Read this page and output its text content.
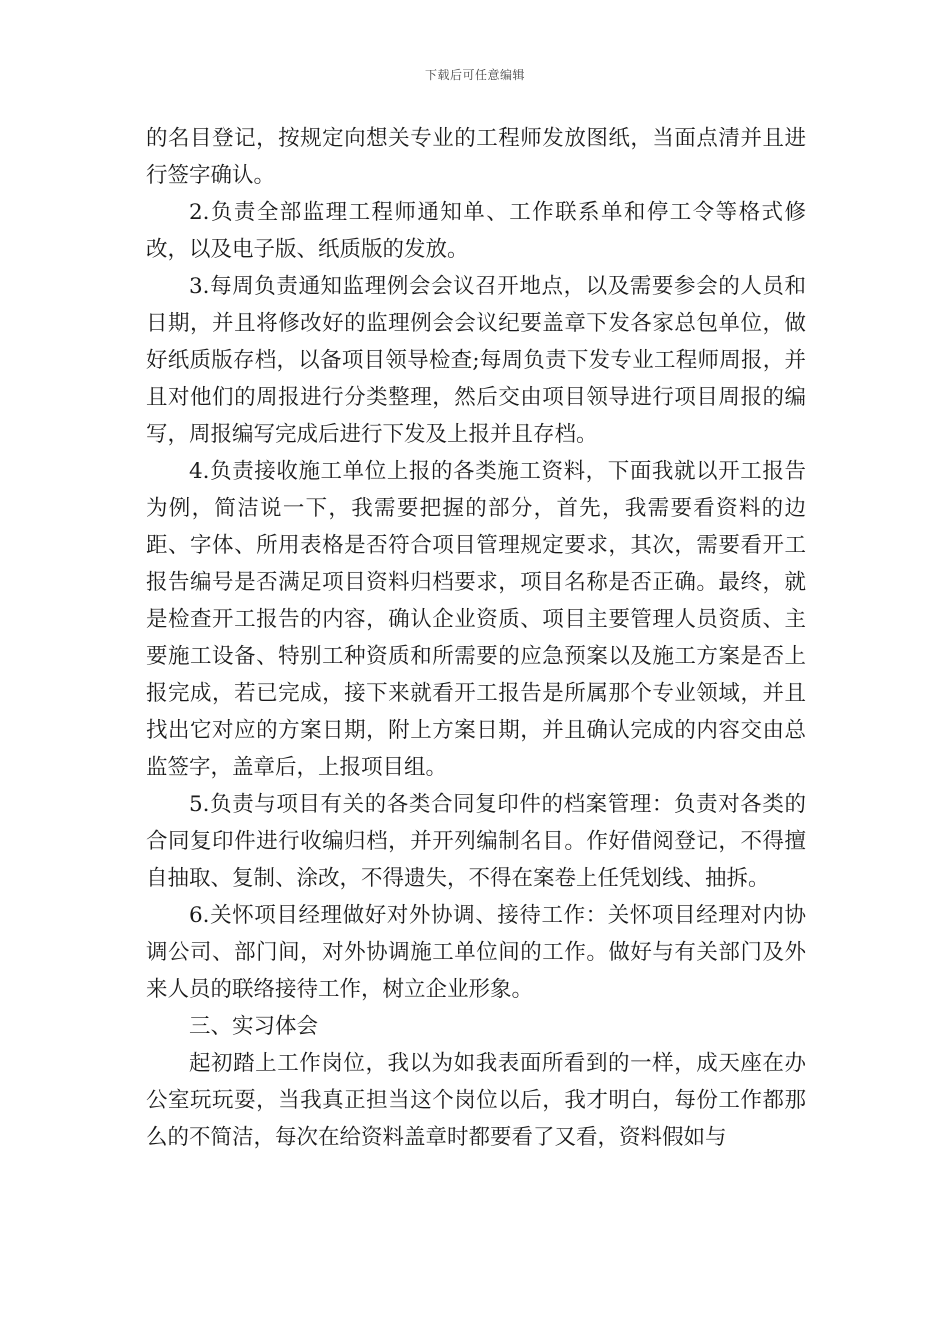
下载后可任意编辑

的名目登记，按规定向想关专业的工程师发放图纸，当面点清并且进行签字确认。

2.负责全部监理工程师通知单、工作联系单和停工令等格式修改，以及电子版、纸质版的发放。

3.每周负责通知监理例会会议召开地点，以及需要参会的人员和日期，并且将修改好的监理例会会议纪要盖章下发各家总包单位，做好纸质版存档，以备项目领导检查;每周负责下发专业工程师周报，并且对他们的周报进行分类整理，然后交由项目领导进行项目周报的编写，周报编写完成后进行下发及上报并且存档。

4.负责接收施工单位上报的各类施工资料，下面我就以开工报告为例，简洁说一下，我需要把握的部分，首先，我需要看资料的边距、字体、所用表格是否符合项目管理规定要求，其次，需要看开工报告编号是否满足项目资料归档要求，项目名称是否正确。最终，就是检查开工报告的内容，确认企业资质、项目主要管理人员资质、主要施工设备、特别工种资质和所需要的应急预案以及施工方案是否上报完成，若已完成，接下来就看开工报告是所属那个专业领域，并且找出它对应的方案日期，附上方案日期，并且确认完成的内容交由总监签字，盖章后，上报项目组。

5.负责与项目有关的各类合同复印件的档案管理：负责对各类的合同复印件进行收编归档，并开列编制名目。作好借阅登记，不得擅自抽取、复制、涂改，不得遗失，不得在案卷上任凭划线、抽拆。

6.关怀项目经理做好对外协调、接待工作：关怀项目经理对内协调公司、部门间，对外协调施工单位间的工作。做好与有关部门及外来人员的联络接待工作，树立企业形象。

三、实习体会

起初踏上工作岗位，我以为如我表面所看到的一样，成天座在办公室玩玩耍，当我真正担当这个岗位以后，我才明白，每份工作都那么的不简洁，每次在给资料盖章时都要看了又看，资料假如与
